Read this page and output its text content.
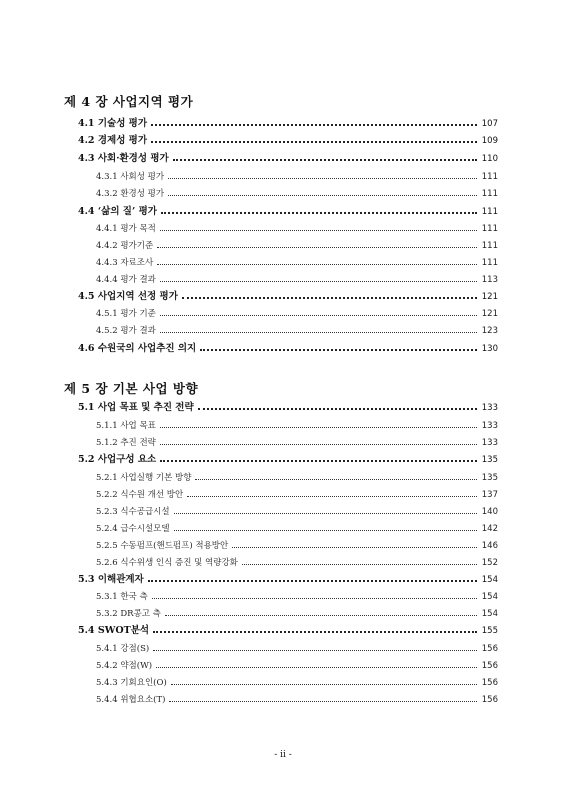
제 4 장 사업지역 평가
4.1 기술성 평가	107
4.2 경제성 평가	109
4.3 사회·환경성 평가	110
4.3.1 사회성 평가	111
4.3.2 환경성 평가	111
4.4 ‘삶의 질’ 평가	111
4.4.1 평가 목적	111
4.4.2 평가기준	111
4.4.3 자료조사	111
4.4.4 평가 결과	113
4.5 사업지역 선정 평가	121
4.5.1 평가 기준	121
4.5.2 평가 결과	123
4.6 수원국의 사업추진 의지	130
제 5 장 기본 사업 방향
5.1 사업 목표 및 추진 전략	133
5.1.1 사업 목표	133
5.1.2 추진 전략	133
5.2 사업구성 요소	135
5.2.1 사업실행 기본 방향	135
5.2.2 식수원 개선 방안	137
5.2.3 식수공급시설	140
5.2.4 급수시설모델	142
5.2.5 수동펌프(핸드펌프) 적용방안	146
5.2.6 식수위생 인식 증진 및 역량강화	152
5.3 이해관계자	154
5.3.1 한국 측	154
5.3.2 DR콩고 측	154
5.4 SWOT분석	155
5.4.1 강점(S)	156
5.4.2 약점(W)	156
5.4.3 기회요인(O)	156
5.4.4 위협요소(T)	156
- ii -
